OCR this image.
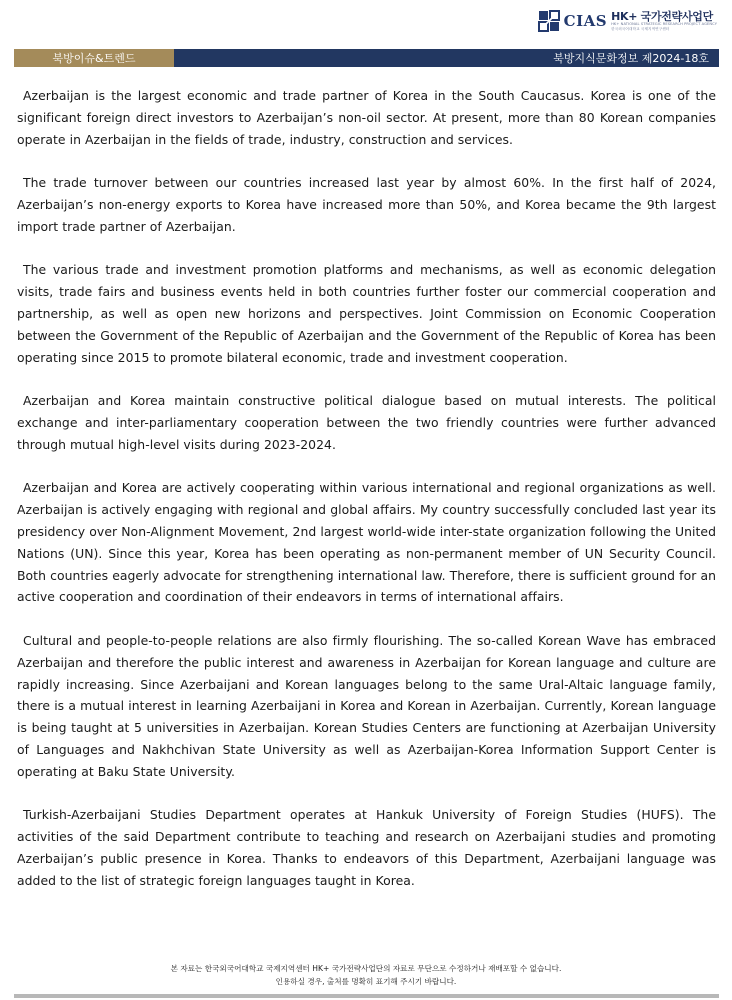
CIAS HK+ 국가전략사업단
HK+ NATIONAL STRATEGIC RESEARCH PROJECT AGENCY
한국외국어대학교 국제지역연구센터
북방이슈&트렌드	북방지식문화정보 제2024-18호

Azerbaijan is the largest economic and trade partner of Korea in the South Caucasus. Korea is one of the significant foreign direct investors to Azerbaijan’s non-oil sector. At present, more than 80 Korean companies operate in Azerbaijan in the fields of trade, industry, construction and services.

The trade turnover between our countries increased last year by almost 60%. In the first half of 2024, Azerbaijan’s non-energy exports to Korea have increased more than 50%, and Korea became the 9th largest import trade partner of Azerbaijan.

The various trade and investment promotion platforms and mechanisms, as well as economic delegation visits, trade fairs and business events held in both countries further foster our commercial cooperation and partnership, as well as open new horizons and perspectives. Joint Commission on Economic Cooperation between the Government of the Republic of Azerbaijan and the Government of the Republic of Korea has been operating since 2015 to promote bilateral economic, trade and investment cooperation.

Azerbaijan and Korea maintain constructive political dialogue based on mutual interests. The political exchange and inter-parliamentary cooperation between the two friendly countries were further advanced through mutual high-level visits during 2023-2024.

Azerbaijan and Korea are actively cooperating within various international and regional organizations as well. Azerbaijan is actively engaging with regional and global affairs. My country successfully concluded last year its presidency over Non-Alignment Movement, 2nd largest world-wide inter-state organization following the United Nations (UN). Since this year, Korea has been operating as non-permanent member of UN Security Council. Both countries eagerly advocate for strengthening international law. Therefore, there is sufficient ground for an active cooperation and coordination of their endeavors in terms of international affairs.

Cultural and people-to-people relations are also firmly flourishing. The so-called Korean Wave has embraced Azerbaijan and therefore the public interest and awareness in Azerbaijan for Korean language and culture are rapidly increasing. Since Azerbaijani and Korean languages belong to the same Ural-Altaic language family, there is a mutual interest in learning Azerbaijani in Korea and Korean in Azerbaijan. Currently, Korean language is being taught at 5 universities in Azerbaijan. Korean Studies Centers are functioning at Azerbaijan University of Languages and Nakhchivan State University as well as Azerbaijan-Korea Information Support Center is operating at Baku State University.

Turkish-Azerbaijani Studies Department operates at Hankuk University of Foreign Studies (HUFS). The activities of the said Department contribute to teaching and research on Azerbaijani studies and promoting Azerbaijan’s public presence in Korea. Thanks to endeavors of this Department, Azerbaijani language was added to the list of strategic foreign languages taught in Korea.

본 자료는 한국외국어대학교 국제지역센터 HK+ 국가전략사업단의 자료로 무단으로 수정하거나 재배포할 수 없습니다.
인용하실 경우, 출처를 명확히 표기해 주시기 바랍니다.
